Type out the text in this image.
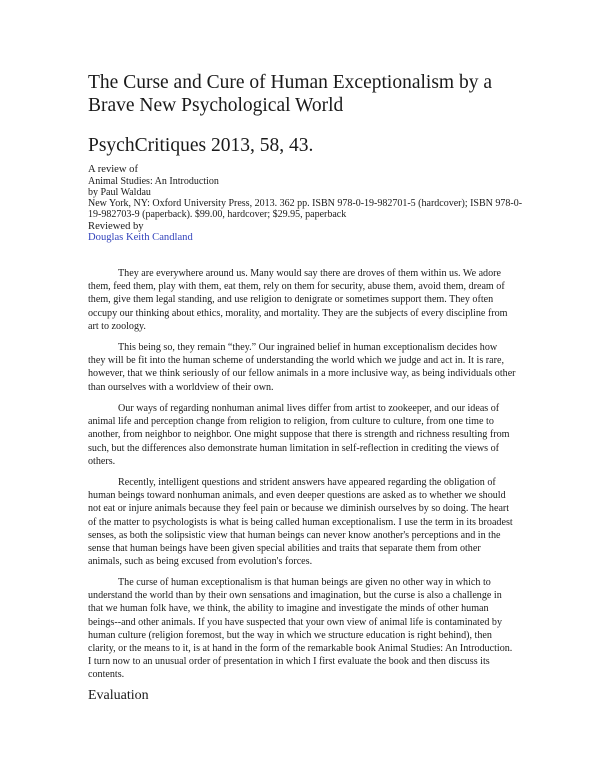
The Curse and Cure of Human Exceptionalism by a Brave New Psychological World
PsychCritiques 2013, 58, 43.
A review of
Animal Studies: An Introduction
by Paul Waldau
New York, NY: Oxford University Press, 2013. 362 pp. ISBN 978-0-19-982701-5 (hardcover); ISBN 978-0-19-982703-9 (paperback). $99.00, hardcover; $29.95, paperback
Reviewed by
Douglas Keith Candland

They are everywhere around us. Many would say there are droves of them within us. We adore them, feed them, play with them, eat them, rely on them for security, abuse them, avoid them, dream of them, give them legal standing, and use religion to denigrate or sometimes support them. They often occupy our thinking about ethics, morality, and mortality. They are the subjects of every discipline from art to zoology.

This being so, they remain “they.” Our ingrained belief in human exceptionalism decides how they will be fit into the human scheme of understanding the world which we judge and act in. It is rare, however, that we think seriously of our fellow animals in a more inclusive way, as being individuals other than ourselves with a worldview of their own.

Our ways of regarding nonhuman animal lives differ from artist to zookeeper, and our ideas of animal life and perception change from religion to religion, from culture to culture, from one time to another, from neighbor to neighbor. One might suppose that there is strength and richness resulting from such, but the differences also demonstrate human limitation in self-reflection in crediting the views of others.

Recently, intelligent questions and strident answers have appeared regarding the obligation of human beings toward nonhuman animals, and even deeper questions are asked as to whether we should not eat or injure animals because they feel pain or because we diminish ourselves by so doing. The heart of the matter to psychologists is what is being called human exceptionalism. I use the term in its broadest senses, as both the solipsistic view that human beings can never know another's perceptions and in the sense that human beings have been given special abilities and traits that separate them from other animals, such as being excused from evolution's forces.

The curse of human exceptionalism is that human beings are given no other way in which to understand the world than by their own sensations and imagination, but the curse is also a challenge in that we human folk have, we think, the ability to imagine and investigate the minds of other human beings--and other animals. If you have suspected that your own view of animal life is contaminated by human culture (religion foremost, but the way in which we structure education is right behind), then clarity, or the means to it, is at hand in the form of the remarkable book Animal Studies: An Introduction. I turn now to an unusual order of presentation in which I first evaluate the book and then discuss its contents.

Evaluation
